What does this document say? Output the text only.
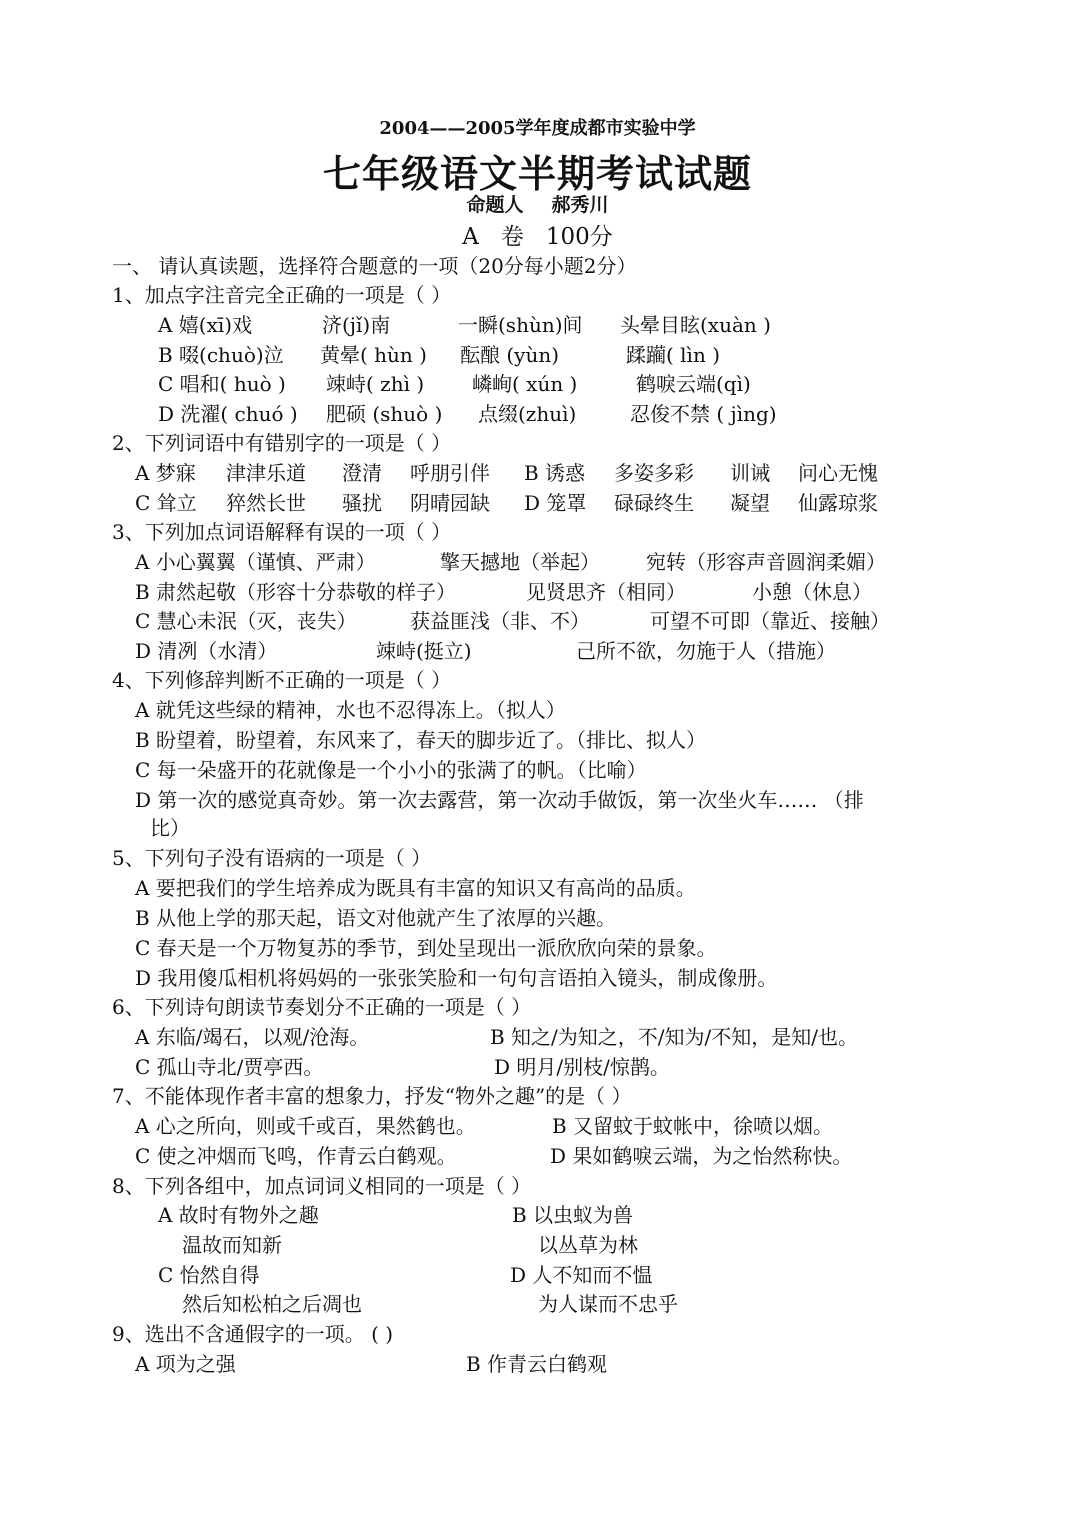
2004——2005学年度成都市实验中学
七年级语文半期考试试题
命题人 郝秀川
A 卷 100分
一、 请认真读题，选择符合题意的一项（20分每小题2分）
1、加点字注音完全正确的一项是（ ）
A 嬉(xī)戏	济(jǐ)南	一瞬(shùn)间 头晕目眩(xuàn )
B 啜(chuò)泣 黄晕( hùn ) 酝酿 (yùn)	蹂躏( lìn )
C 唱和( huò ) 竦峙( zhì ) 嶙峋( xún )	鹤唳云端(qì)
D 洗濯( chuó ) 肥硕 (shuò ) 点缀(zhuì)	忍俊不禁 ( jìng)
2、下列词语中有错别字的一项是（ ）
A 梦寐 津津乐道 澄清 呼朋引伴 B 诱惑 多姿多彩 训诫 问心无愧
C 耸立 猝然长世 骚扰 阴晴园缺 D 笼罩 碌碌终生 凝望 仙露琼浆
3、下列加点词语解释有误的一项（ ）
A 小心翼翼（谨慎、严肃）	擎天撼地（举起） 宛转（形容声音圆润柔媚）
B 肃然起敬（形容十分恭敬的样子）	见贤思齐（相同）	小憩（休息）
C 慧心未泯（灭，丧失）	获益匪浅（非、不）	可望不可即（靠近、接触）
D 清冽（水清）	竦峙(挺立)	己所不欲，勿施于人（措施）
4、下列修辞判断不正确的一项是（ ）
A 就凭这些绿的精神，水也不忍得冻上。（拟人）
B 盼望着，盼望着，东风来了，春天的脚步近了。（排比、拟人）
C 每一朵盛开的花就像是一个小小的张满了的帆。（比喻）
D 第一次的感觉真奇妙。第一次去露营，第一次动手做饭，第一次坐火车…… （排
比）
5、下列句子没有语病的一项是（ ）
A 要把我们的学生培养成为既具有丰富的知识又有高尚的品质。
B 从他上学的那天起，语文对他就产生了浓厚的兴趣。
C 春天是一个万物复苏的季节，到处呈现出一派欣欣向荣的景象。
D 我用傻瓜相机将妈妈的一张张笑脸和一句句言语拍入镜头，制成像册。
6、下列诗句朗读节奏划分不正确的一项是（ ）
A 东临/竭石，以观/沧海。	B 知之/为知之，不/知为/不知，是知/也。
C 孤山寺北/贾亭西。	D 明月/别枝/惊鹊。
7、不能体现作者丰富的想象力，抒发“物外之趣”的是（ ）
A 心之所向，则或千或百，果然鹤也。	B 又留蚊于蚊帐中，徐喷以烟。
C 使之冲烟而飞鸣，作青云白鹤观。	D 果如鹤唳云端，为之怡然称快。
8、下列各组中，加点词词义相同的一项是（ ）
A 故时有物外之趣	B 以虫蚁为兽
温故而知新	以丛草为林
C 怡然自得	D 人不知而不愠
然后知松柏之后凋也	为人谋而不忠乎
9、选出不含通假字的一项。 ( )
A 项为之强	B 作青云白鹤观
